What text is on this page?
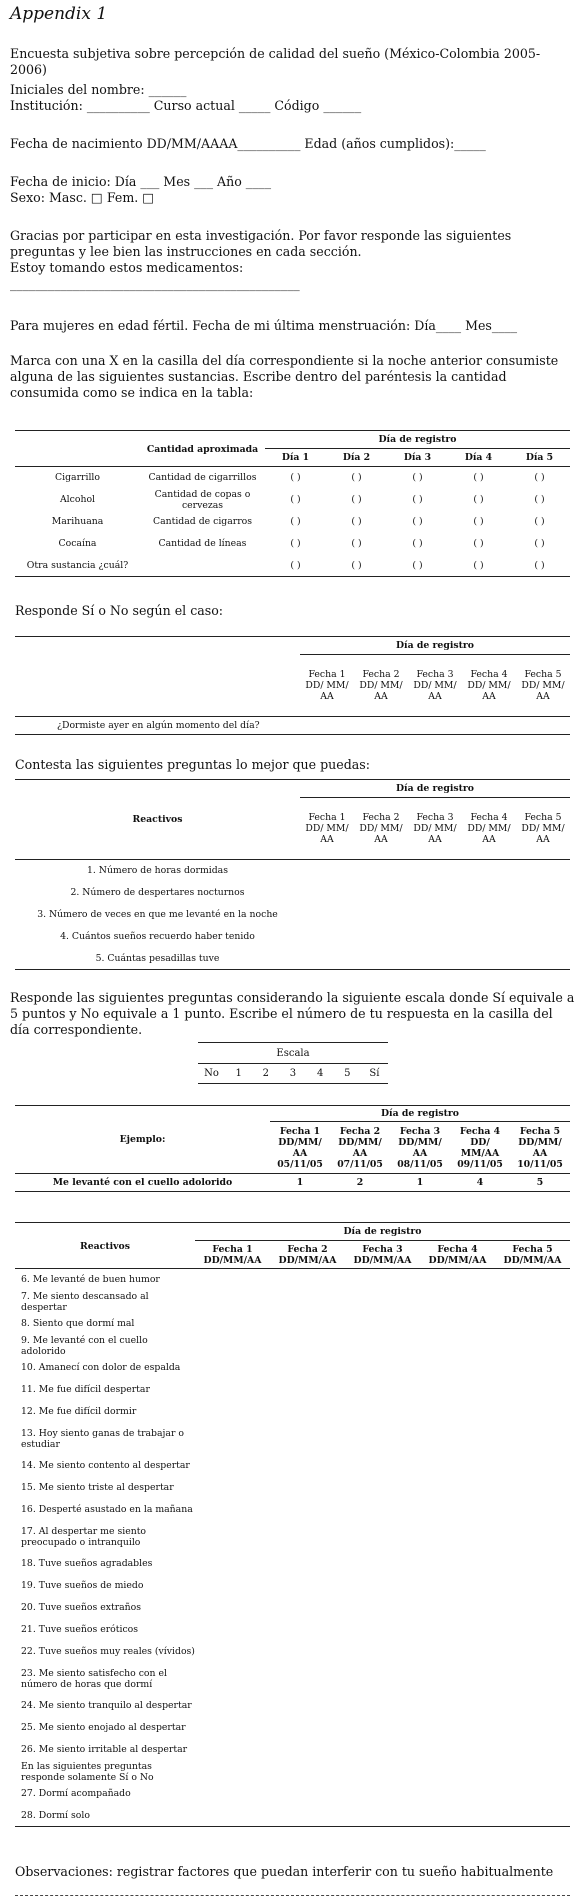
Appendix 1
Encuesta subjetiva sobre percepción de calidad del sueño (México-Colombia 2005-2006)
Iniciales del nombre: ______
Institución: __________ Curso actual _____ Código ______
Fecha de nacimiento DD/MM/AAAA__________ Edad (años cumplidos):_____
Fecha de inicio: Día ___ Mes ___ Año ____
Sexo: Masc. □ Fem. □
Gracias por participar en esta investigación. Por favor responde las siguientes preguntas y lee bien las instrucciones en cada sección.
Estoy tomando estos medicamentos:
______________________________________________
Para mujeres en edad fértil. Fecha de mi última menstruación: Día____ Mes____
Marca con una X en la casilla del día correspondiente si la noche anterior consumiste alguna de las siguientes sustancias. Escribe dentro del paréntesis la cantidad consumida como se indica en la tabla:
	Cantidad aproximada	Día de registro				
		Día 1	Día 2	Día 3	Día 4	Día 5
Cigarrillo	Cantidad de cigarrillos	( )	( )	( )	( )	( )
Alcohol	Cantidad de copas o cervezas	( )	( )	( )	( )	( )
Marihuana	Cantidad de cigarros	( )	( )	( )	( )	( )
Cocaína	Cantidad de líneas	( )	( )	( )	( )	( )
Otra sustancia ¿cuál?		( )	( )	( )	( )	( )
Responde Sí o No según el caso:
	Día de registro				
	Fecha 1 DD/ MM/ AA	Fecha 2 DD/ MM/ AA	Fecha 3 DD/ MM/ AA	Fecha 4 DD/ MM/ AA	Fecha 5 DD/ MM/ AA
¿Dormiste ayer en algún momento del día?					
Contesta las siguientes preguntas lo mejor que puedas:
Reactivos	Día de registro				
	Fecha 1 DD/ MM/ AA	Fecha 2 DD/ MM/ AA	Fecha 3 DD/ MM/ AA	Fecha 4 DD/ MM/ AA	Fecha 5 DD/ MM/ AA
1. Número de horas dormidas					
2. Número de despertares nocturnos					
3. Número de veces en que me levanté en la noche					
4. Cuántos sueños recuerdo haber tenido					
5. Cuántas pesadillas tuve					
Responde las siguientes preguntas considerando la siguiente escala donde Sí equivale a 5 puntos y No equivale a 1 punto. Escribe el número de tu respuesta en la casilla del día correspondiente.
Escala
No	1	2	3	4	5	Sí
Ejemplo:	Día de registro				
	Fecha 1 DD/MM/ AA 05/11/05	Fecha 2 DD/MM/ AA 07/11/05	Fecha 3 DD/MM/ AA 08/11/05	Fecha 4 DD/ MM/AA 09/11/05	Fecha 5 DD/MM/ AA 10/11/05
Me levanté con el cuello adolorido	1	2	1	4	5
Reactivos	Día de registro				
	Fecha 1 DD/MM/AA	Fecha 2 DD/MM/AA	Fecha 3 DD/MM/AA	Fecha 4 DD/MM/AA	Fecha 5 DD/MM/AA
6. Me levanté de buen humor					
7. Me siento descansado al despertar					
8. Siento que dormí mal					
9. Me levanté con el cuello adolorido					
10. Amanecí con dolor de espalda					
11. Me fue difícil despertar					
12. Me fue difícil dormir					
13. Hoy siento ganas de trabajar o estudiar					
14. Me siento contento al despertar					
15. Me siento triste al despertar					
16. Desperté asustado en la mañana					
17. Al despertar me siento preocupado o intranquilo					
18. Tuve sueños agradables					
19. Tuve sueños de miedo					
20. Tuve sueños extraños					
21. Tuve sueños eróticos					
22. Tuve sueños muy reales (vívidos)					
23. Me siento satisfecho con el número de horas que dormí					
24. Me siento tranquilo al despertar					
25. Me siento enojado al despertar					
26. Me siento irritable al despertar					
En las siguientes preguntas responde solamente Sí o No					
27. Dormí acompañado					
28. Dormí solo					
Observaciones: registrar factores que puedan interferir con tu sueño habitualmente
